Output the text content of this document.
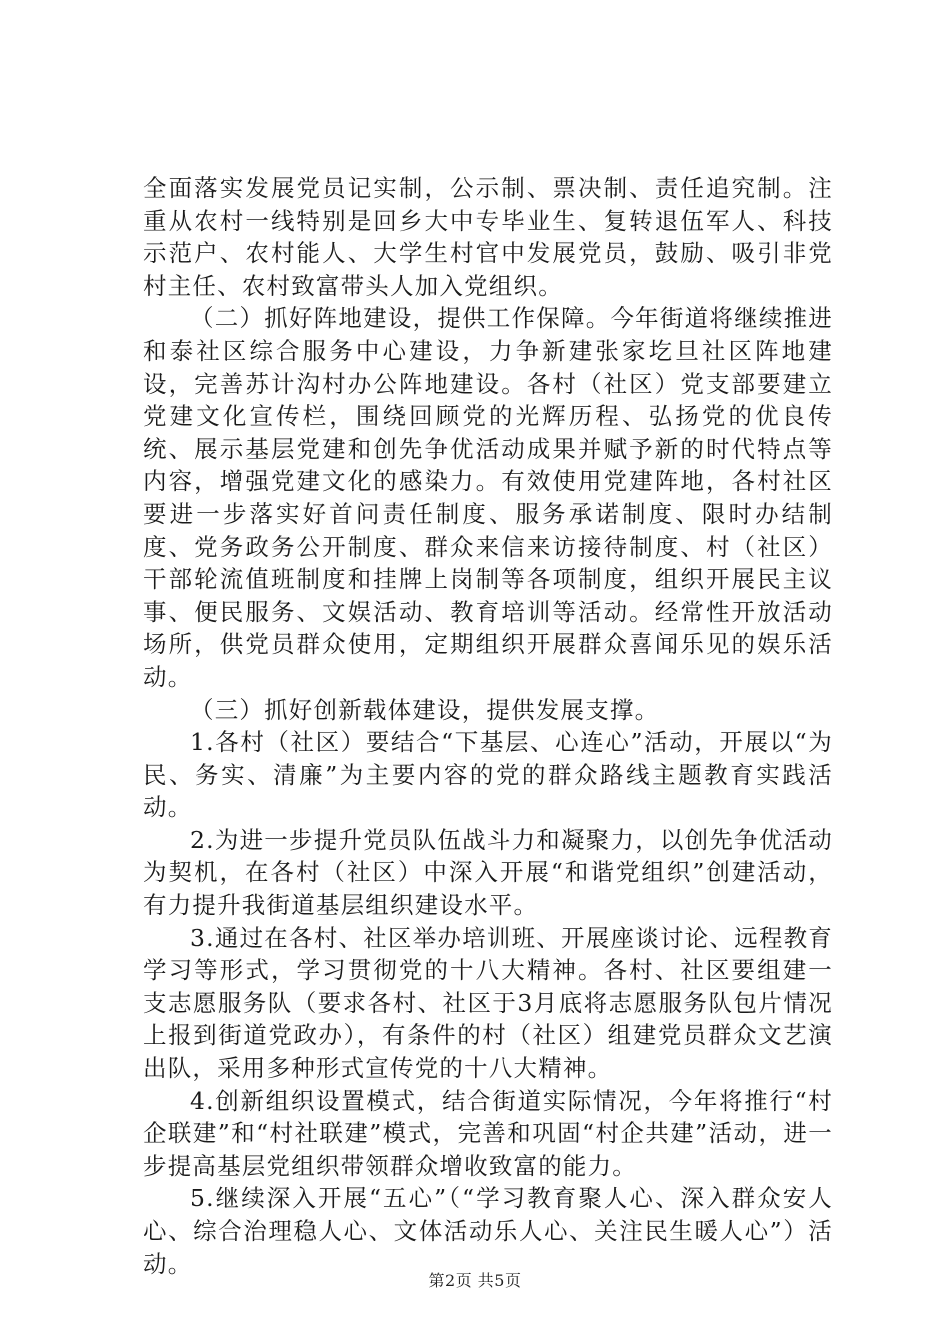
全面落实发展党员记实制，公示制、票决制、责任追究制。注重从农村一线特别是回乡大中专毕业生、复转退伍军人、科技示范户、农村能人、大学生村官中发展党员，鼓励、吸引非党村主任、农村致富带头人加入党组织。

（二）抓好阵地建设，提供工作保障。今年街道将继续推进和泰社区综合服务中心建设，力争新建张家圪旦社区阵地建设，完善苏计沟村办公阵地建设。各村（社区）党支部要建立党建文化宣传栏，围绕回顾党的光辉历程、弘扬党的优良传统、展示基层党建和创先争优活动成果并赋予新的时代特点等内容，增强党建文化的感染力。有效使用党建阵地，各村社区要进一步落实好首问责任制度、服务承诺制度、限时办结制度、党务政务公开制度、群众来信来访接待制度、村（社区）干部轮流值班制度和挂牌上岗制等各项制度，组织开展民主议事、便民服务、文娱活动、教育培训等活动。经常性开放活动场所，供党员群众使用，定期组织开展群众喜闻乐见的娱乐活动。

（三）抓好创新载体建设，提供发展支撑。

1.各村（社区）要结合“下基层、心连心”活动，开展以“为民、务实、清廉”为主要内容的党的群众路线主题教育实践活动。

2.为进一步提升党员队伍战斗力和凝聚力，以创先争优活动为契机，在各村（社区）中深入开展“和谐党组织”创建活动，有力提升我街道基层组织建设水平。

3.通过在各村、社区举办培训班、开展座谈讨论、远程教育学习等形式，学习贯彻党的十八大精神。各村、社区要组建一支志愿服务队（要求各村、社区于3月底将志愿服务队包片情况上报到街道党政办），有条件的村（社区）组建党员群众文艺演出队，采用多种形式宣传党的十八大精神。

4.创新组织设置模式，结合街道实际情况，今年将推行“村企联建”和“村社联建”模式，完善和巩固“村企共建”活动，进一步提高基层党组织带领群众增收致富的能力。

5.继续深入开展“五心”（“学习教育聚人心、深入群众安人心、综合治理稳人心、文体活动乐人心、关注民生暖人心”）活动。

第2页 共5页
